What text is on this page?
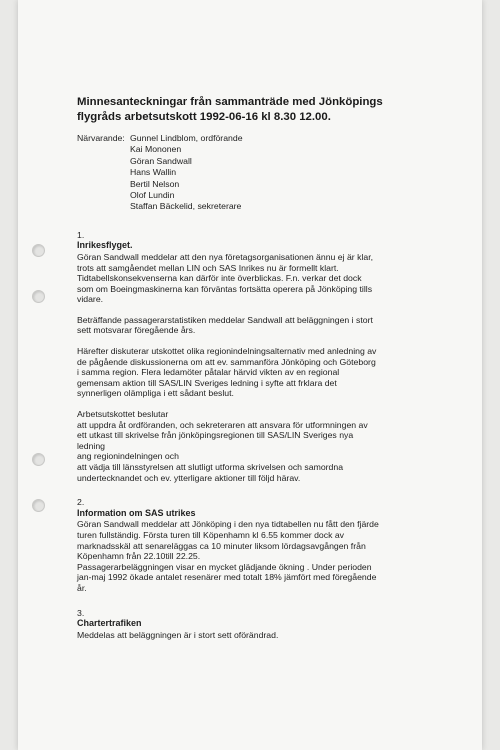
Minnesanteckningar från sammanträde med Jönköpings
flygråds arbetsutskott 1992-06-16 kl 8.30 12.00.
Närvarande: Gunnel Lindblom, ordförande
Kai Mononen
Göran Sandwall
Hans Wallin
Bertil Nelson
Olof Lundin
Staffan Bäckelid, sekreterare

1.

Inrikesflyget.

Göran Sandwall meddelar att den nya företagsorganisationen ännu ej är klar,
trots att samgåendet mellan LIN och SAS Inrikes nu är formellt klart.
Tidtabellskonsekvenserna kan därför inte överblickas. F.n. verkar det dock
som om Boeingmaskinerna kan förväntas fortsätta operera på Jönköping tills
vidare.

Beträffande passagerarstatistiken meddelar Sandwall att beläggningen i stort
sett motsvarar föregående års.

Härefter diskuterar utskottet olika regionindelningsalternativ med anledning av
de pågående diskussionerna om att ev. sammanföra Jönköping och Göteborg
i samma region. Flera ledamöter påtalar härvid vikten av en regional
gemensam aktion till SAS/LIN Sveriges ledning i syfte att frklara det
synnerligen olämpliga i ett sådant beslut.

Arbetsutskottet beslutar
att uppdra åt ordföranden, och sekreteraren att ansvara för utformningen av
ett utkast till skrivelse från jönköpingsregionen till SAS/LIN Sveriges nya
ledning
ang regionindelningen och
att vädja till länsstyrelsen att slutligt utforma skrivelsen och samordna
undertecknandet och ev. ytterligare aktioner till följd härav.

2.

Information om SAS utrikes

Göran Sandwall meddelar att Jönköping i den nya tidtabellen nu fått den fjärde
turen fullständig. Första turen till Köpenhamn kl 6.55 kommer dock av
marknadsskäl att senareläggas ca 10 minuter liksom lördagsavgången från
Köpenhamn från 22.10till 22.25.
Passagerarbeläggningen visar en mycket glädjande ökning . Under perioden
jan-maj 1992 ökade antalet resenärer med totalt 18% jämfört med föregående
år.

3.

Chartertrafiken

Meddelas att beläggningen är i stort sett oförändrad.
